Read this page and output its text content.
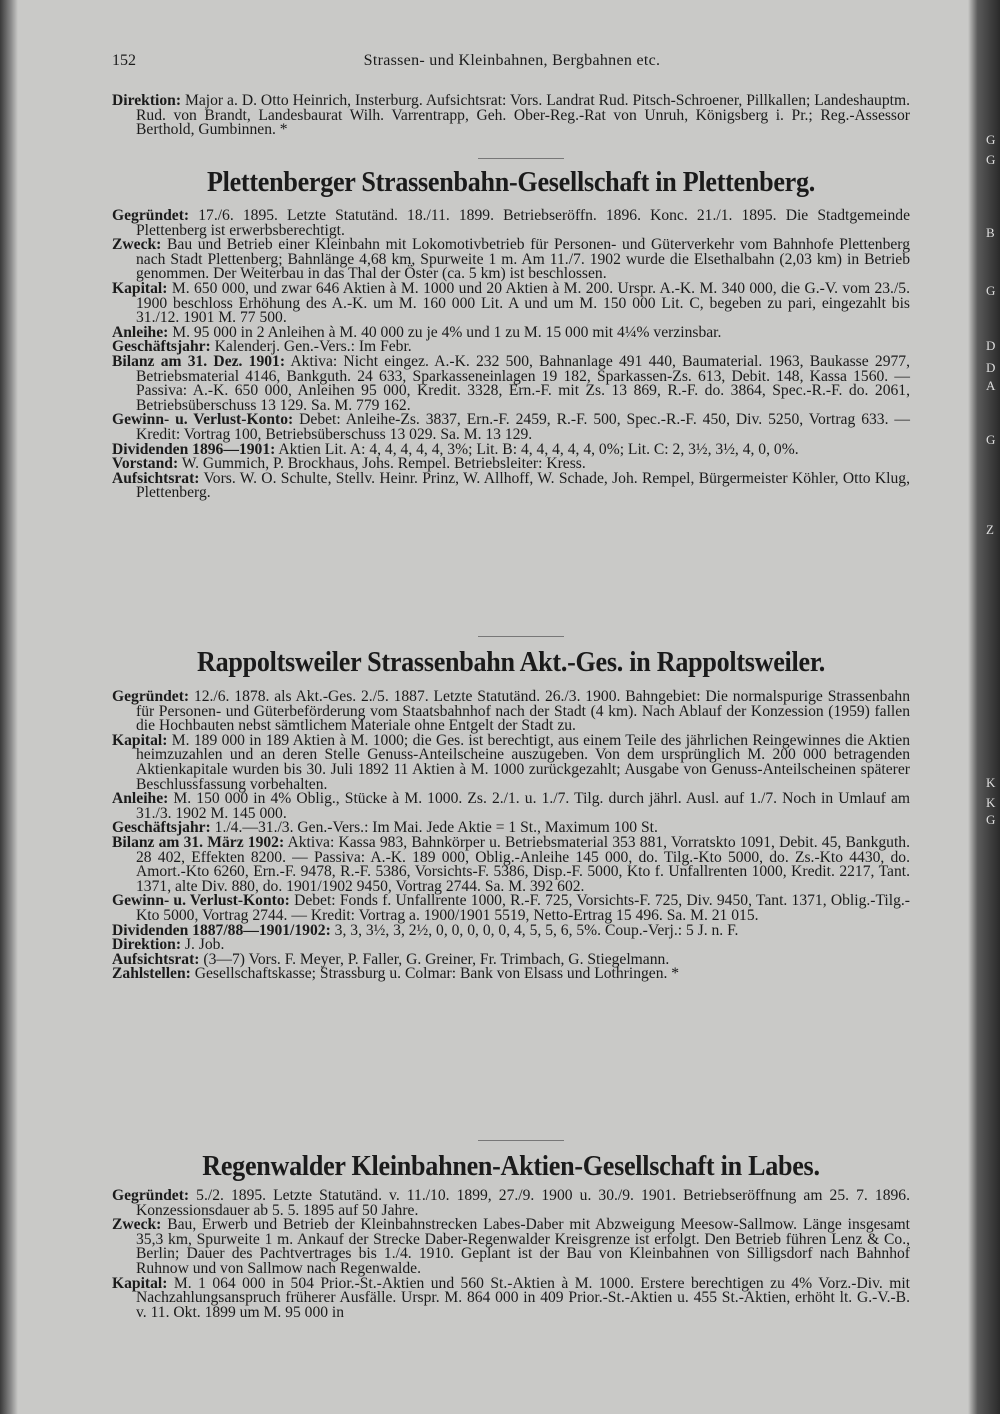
G
G
B
G
D
D
A
G
Z
K
K
G
152	Strassen- und Kleinbahnen, Bergbahnen etc.

Direktion: Major a. D. Otto Heinrich, Insterburg. Aufsichtsrat: Vors. Landrat Rud. Pitsch-Schroener, Pillkallen; Landeshauptm. Rud. von Brandt, Landesbaurat Wilh. Varrentrapp, Geh. Ober-Reg.-Rat von Unruh, Königsberg i. Pr.; Reg.-Assessor Berthold, Gumbinnen. *

Plettenberger Strassenbahn-Gesellschaft in Plettenberg.

Gegründet: 17./6. 1895. Letzte Statutänd. 18./11. 1899. Betriebseröffn. 1896. Konc. 21./1. 1895. Die Stadtgemeinde Plettenberg ist erwerbsberechtigt.

Zweck: Bau und Betrieb einer Kleinbahn mit Lokomotivbetrieb für Personen- und Güterverkehr vom Bahnhofe Plettenberg nach Stadt Plettenberg; Bahnlänge 4,68 km, Spurweite 1 m. Am 11./7. 1902 wurde die Elsethalbahn (2,03 km) in Betrieb genommen. Der Weiterbau in das Thal der Öster (ca. 5 km) ist beschlossen.

Kapital: M. 650 000, und zwar 646 Aktien à M. 1000 und 20 Aktien à M. 200. Urspr. A.-K. M. 340 000, die G.-V. vom 23./5. 1900 beschloss Erhöhung des A.-K. um M. 160 000 Lit. A und um M. 150 000 Lit. C, begeben zu pari, eingezahlt bis 31./12. 1901 M. 77 500.

Anleihe: M. 95 000 in 2 Anleihen à M. 40 000 zu je 4% und 1 zu M. 15 000 mit 4¼% verzinsbar.

Geschäftsjahr: Kalenderj. Gen.-Vers.: Im Febr.

Bilanz am 31. Dez. 1901: Aktiva: Nicht eingez. A.-K. 232 500, Bahnanlage 491 440, Baumaterial. 1963, Baukasse 2977, Betriebsmaterial 4146, Bankguth. 24 633, Sparkasseneinlagen 19 182, Sparkassen-Zs. 613, Debit. 148, Kassa 1560. — Passiva: A.-K. 650 000, Anleihen 95 000, Kredit. 3328, Ern.-F. mit Zs. 13 869, R.-F. do. 3864, Spec.-R.-F. do. 2061, Betriebsüberschuss 13 129. Sa. M. 779 162.

Gewinn- u. Verlust-Konto: Debet: Anleihe-Zs. 3837, Ern.-F. 2459, R.-F. 500, Spec.-R.-F. 450, Div. 5250, Vortrag 633. — Kredit: Vortrag 100, Betriebsüberschuss 13 029. Sa. M. 13 129.

Dividenden 1896—1901: Aktien Lit. A: 4, 4, 4, 4, 4, 3%; Lit. B: 4, 4, 4, 4, 4, 0%; Lit. C: 2, 3½, 3½, 4, 0, 0%.

Vorstand: W. Gummich, P. Brockhaus, Johs. Rempel. Betriebsleiter: Kress.

Aufsichtsrat: Vors. W. O. Schulte, Stellv. Heinr. Prinz, W. Allhoff, W. Schade, Joh. Rempel, Bürgermeister Köhler, Otto Klug, Plettenberg.

Rappoltsweiler Strassenbahn Akt.-Ges. in Rappoltsweiler.

Gegründet: 12./6. 1878. als Akt.-Ges. 2./5. 1887. Letzte Statutänd. 26./3. 1900. Bahngebiet: Die normalspurige Strassenbahn für Personen- und Güterbeförderung vom Staatsbahnhof nach der Stadt (4 km). Nach Ablauf der Konzession (1959) fallen die Hochbauten nebst sämtlichem Materiale ohne Entgelt der Stadt zu.

Kapital: M. 189 000 in 189 Aktien à M. 1000; die Ges. ist berechtigt, aus einem Teile des jährlichen Reingewinnes die Aktien heimzuzahlen und an deren Stelle Genuss-Anteilscheine auszugeben. Von dem ursprünglich M. 200 000 betragenden Aktienkapitale wurden bis 30. Juli 1892 11 Aktien à M. 1000 zurückgezahlt; Ausgabe von Genuss-Anteilscheinen späterer Beschlussfassung vorbehalten.

Anleihe: M. 150 000 in 4% Oblig., Stücke à M. 1000. Zs. 2./1. u. 1./7. Tilg. durch jährl. Ausl. auf 1./7. Noch in Umlauf am 31./3. 1902 M. 145 000.

Geschäftsjahr: 1./4.—31./3. Gen.-Vers.: Im Mai. Jede Aktie = 1 St., Maximum 100 St.

Bilanz am 31. März 1902: Aktiva: Kassa 983, Bahnkörper u. Betriebsmaterial 353 881, Vorratskto 1091, Debit. 45, Bankguth. 28 402, Effekten 8200. — Passiva: A.-K. 189 000, Oblig.-Anleihe 145 000, do. Tilg.-Kto 5000, do. Zs.-Kto 4430, do. Amort.-Kto 6260, Ern.-F. 9478, R.-F. 5386, Vorsichts-F. 5386, Disp.-F. 5000, Kto f. Unfallrenten 1000, Kredit. 2217, Tant. 1371, alte Div. 880, do. 1901/1902 9450, Vortrag 2744. Sa. M. 392 602.

Gewinn- u. Verlust-Konto: Debet: Fonds f. Unfallrente 1000, R.-F. 725, Vorsichts-F. 725, Div. 9450, Tant. 1371, Oblig.-Tilg.-Kto 5000, Vortrag 2744. — Kredit: Vortrag a. 1900/1901 5519, Netto-Ertrag 15 496. Sa. M. 21 015.

Dividenden 1887/88—1901/1902: 3, 3, 3½, 3, 2½, 0, 0, 0, 0, 0, 4, 5, 5, 6, 5%. Coup.-Verj.: 5 J. n. F.

Direktion: J. Job.

Aufsichtsrat: (3—7) Vors. F. Meyer, P. Faller, G. Greiner, Fr. Trimbach, G. Stiegelmann.

Zahlstellen: Gesellschaftskasse; Strassburg u. Colmar: Bank von Elsass und Lothringen. *

Regenwalder Kleinbahnen-Aktien-Gesellschaft in Labes.

Gegründet: 5./2. 1895. Letzte Statutänd. v. 11./10. 1899, 27./9. 1900 u. 30./9. 1901. Betriebseröffnung am 25. 7. 1896. Konzessionsdauer ab 5. 5. 1895 auf 50 Jahre.

Zweck: Bau, Erwerb und Betrieb der Kleinbahnstrecken Labes-Daber mit Abzweigung Meesow-Sallmow. Länge insgesamt 35,3 km, Spurweite 1 m. Ankauf der Strecke Daber-Regenwalder Kreisgrenze ist erfolgt. Den Betrieb führen Lenz & Co., Berlin; Dauer des Pachtvertrages bis 1./4. 1910. Geplant ist der Bau von Kleinbahnen von Silligsdorf nach Bahnhof Ruhnow und von Sallmow nach Regenwalde.

Kapital: M. 1 064 000 in 504 Prior.-St.-Aktien und 560 St.-Aktien à M. 1000. Erstere berechtigen zu 4% Vorz.-Div. mit Nachzahlungsanspruch früherer Ausfälle. Urspr. M. 864 000 in 409 Prior.-St.-Aktien u. 455 St.-Aktien, erhöht lt. G.-V.-B. v. 11. Okt. 1899 um M. 95 000 in
